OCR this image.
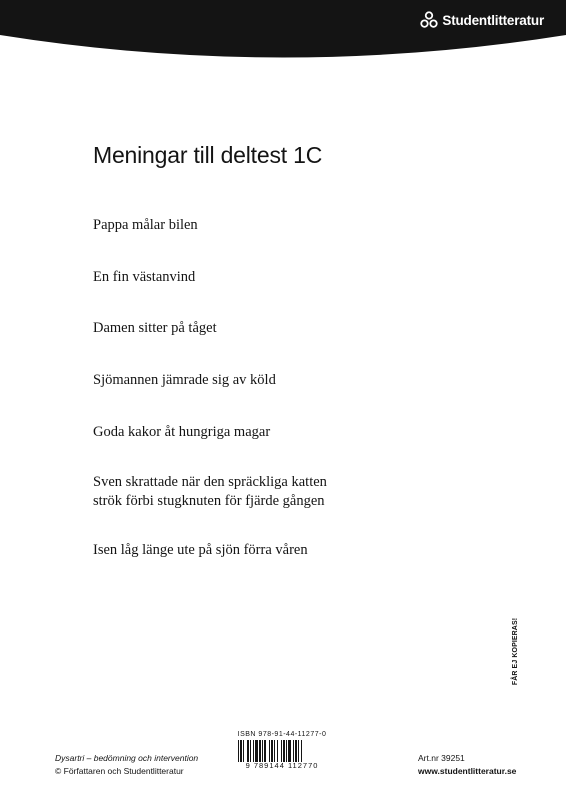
Studentlitteratur
Meningar till deltest 1C

Pappa målar bilen

En fin västanvind

Damen sitter på tåget

Sjömannen jämrade sig av köld

Goda kakor åt hungriga magar

Sven skrattade när den spräckliga katten
strök förbi stugknuten för fjärde gången

Isen låg länge ute på sjön förra våren

FÅR EJ KOPIERAS!
Dysartri – bedömning och intervention
© Författaren och Studentlitteratur
ISBN 978-91-44-11277-0
9 789144 112770
Art.nr 39251
www.studentlitteratur.se
